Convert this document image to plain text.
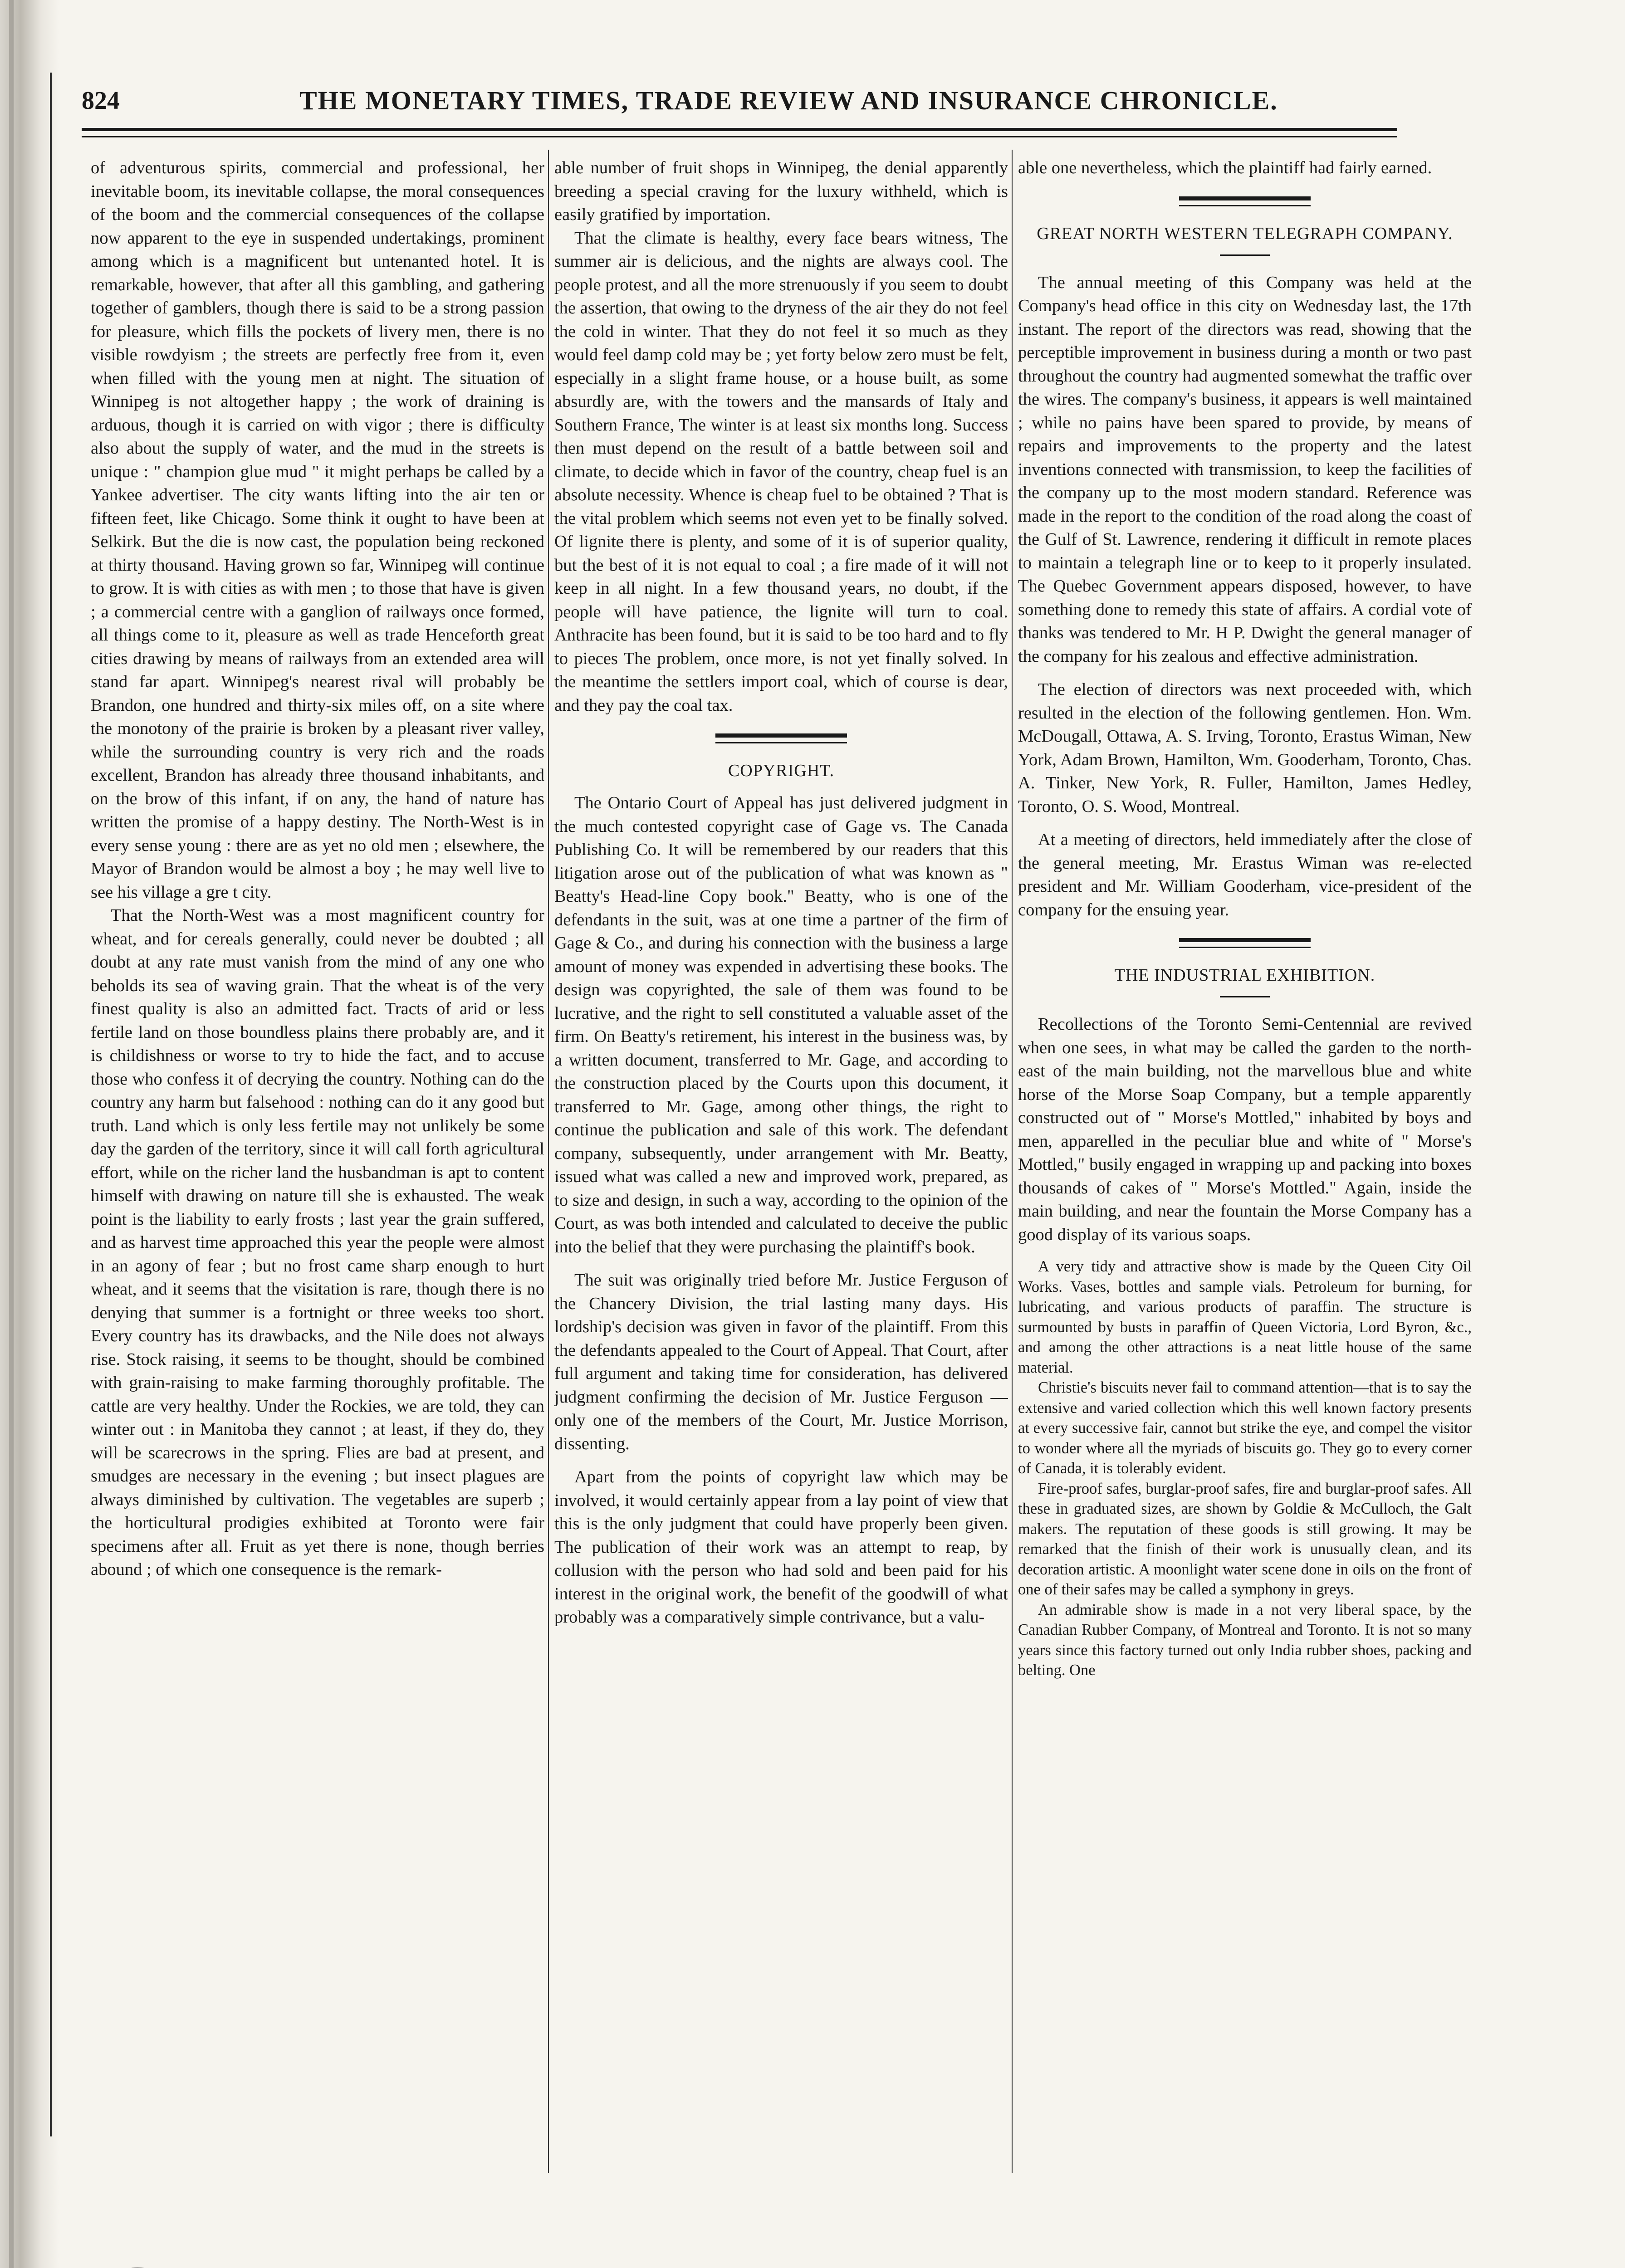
824	THE MONETARY TIMES, TRADE REVIEW AND INSURANCE CHRONICLE.

of adventurous spirits, commercial and professional, her inevitable boom, its inevitable collapse, the moral consequences of the boom and the commercial consequences of the collapse now apparent to the eye in suspended undertakings, prominent among which is a magnificent but untenanted hotel. It is remarkable, however, that after all this gambling, and gathering together of gamblers, though there is said to be a strong passion for pleasure, which fills the pockets of livery men, there is no visible rowdyism ; the streets are perfectly free from it, even when filled with the young men at night. The situation of Winnipeg is not altogether happy ; the work of draining is arduous, though it is carried on with vigor ; there is difficulty also about the supply of water, and the mud in the streets is unique : " champion glue mud " it might perhaps be called by a Yankee advertiser. The city wants lifting into the air ten or fifteen feet, like Chicago. Some think it ought to have been at Selkirk. But the die is now cast, the population being reckoned at thirty thousand. Having grown so far, Winnipeg will continue to grow. It is with cities as with men ; to those that have is given ; a commercial centre with a ganglion of railways once formed, all things come to it, pleasure as well as trade Henceforth great cities drawing by means of railways from an extended area will stand far apart. Winnipeg's nearest rival will probably be Brandon, one hundred and thirty-six miles off, on a site where the monotony of the prairie is broken by a pleasant river valley, while the surrounding country is very rich and the roads excellent, Brandon has already three thousand inhabitants, and on the brow of this infant, if on any, the hand of nature has written the promise of a happy destiny. The North-West is in every sense young : there are as yet no old men ; elsewhere, the Mayor of Brandon would be almost a boy ; he may well live to see his village a gre t city.

That the North-West was a most magnificent country for wheat, and for cereals generally, could never be doubted ; all doubt at any rate must vanish from the mind of any one who beholds its sea of waving grain. That the wheat is of the very finest quality is also an admitted fact. Tracts of arid or less fertile land on those boundless plains there probably are, and it is childishness or worse to try to hide the fact, and to accuse those who confess it of decrying the country. Nothing can do the country any harm but falsehood : nothing can do it any good but truth. Land which is only less fertile may not unlikely be some day the garden of the territory, since it will call forth agricultural effort, while on the richer land the husbandman is apt to content himself with drawing on nature till she is exhausted. The weak point is the liability to early frosts ; last year the grain suffered, and as harvest time approached this year the people were almost in an agony of fear ; but no frost came sharp enough to hurt wheat, and it seems that the visitation is rare, though there is no denying that summer is a fortnight or three weeks too short. Every country has its drawbacks, and the Nile does not always rise. Stock raising, it seems to be thought, should be combined with grain-raising to make farming thoroughly profitable. The cattle are very healthy. Under the Rockies, we are told, they can winter out : in Manitoba they cannot ; at least, if they do, they will be scarecrows in the spring. Flies are bad at present, and smudges are necessary in the evening ; but insect plagues are always diminished by cultivation. The vegetables are superb ; the horticultural prodigies exhibited at Toronto were fair specimens after all. Fruit as yet there is none, though berries abound ; of which one consequence is the remark-

able number of fruit shops in Winnipeg, the denial apparently breeding a special craving for the luxury withheld, which is easily gratified by importation.

That the climate is healthy, every face bears witness, The summer air is delicious, and the nights are always cool. The people protest, and all the more strenuously if you seem to doubt the assertion, that owing to the dryness of the air they do not feel the cold in winter. That they do not feel it so much as they would feel damp cold may be ; yet forty below zero must be felt, especially in a slight frame house, or a house built, as some absurdly are, with the towers and the mansards of Italy and Southern France, The winter is at least six months long. Success then must depend on the result of a battle between soil and climate, to decide which in favor of the country, cheap fuel is an absolute necessity. Whence is cheap fuel to be obtained ? That is the vital problem which seems not even yet to be finally solved. Of lignite there is plenty, and some of it is of superior quality, but the best of it is not equal to coal ; a fire made of it will not keep in all night. In a few thousand years, no doubt, if the people will have patience, the lignite will turn to coal. Anthracite has been found, but it is said to be too hard and to fly to pieces The problem, once more, is not yet finally solved. In the meantime the settlers import coal, which of course is dear, and they pay the coal tax.

COPYRIGHT.

The Ontario Court of Appeal has just delivered judgment in the much contested copyright case of Gage vs. The Canada Publishing Co. It will be remembered by our readers that this litigation arose out of the publication of what was known as " Beatty's Head-line Copy book." Beatty, who is one of the defendants in the suit, was at one time a partner of the firm of Gage & Co., and during his connection with the business a large amount of money was expended in advertising these books. The design was copyrighted, the sale of them was found to be lucrative, and the right to sell constituted a valuable asset of the firm. On Beatty's retirement, his interest in the business was, by a written document, transferred to Mr. Gage, and according to the construction placed by the Courts upon this document, it transferred to Mr. Gage, among other things, the right to continue the publication and sale of this work. The defendant company, subsequently, under arrangement with Mr. Beatty, issued what was called a new and improved work, prepared, as to size and design, in such a way, according to the opinion of the Court, as was both intended and calculated to deceive the public into the belief that they were purchasing the plaintiff's book.

The suit was originally tried before Mr. Justice Ferguson of the Chancery Division, the trial lasting many days. His lordship's decision was given in favor of the plaintiff. From this the defendants appealed to the Court of Appeal. That Court, after full argument and taking time for consideration, has delivered judgment confirming the decision of Mr. Justice Ferguson —only one of the members of the Court, Mr. Justice Morrison, dissenting.

Apart from the points of copyright law which may be involved, it would certainly appear from a lay point of view that this is the only judgment that could have properly been given. The publication of their work was an attempt to reap, by collusion with the person who had sold and been paid for his interest in the original work, the benefit of the goodwill of what probably was a comparatively simple contrivance, but a valu-

able one nevertheless, which the plaintiff had fairly earned.

GREAT NORTH WESTERN TELEGRAPH COMPANY.

The annual meeting of this Company was held at the Company's head office in this city on Wednesday last, the 17th instant. The report of the directors was read, showing that the perceptible improvement in business during a month or two past throughout the country had augmented somewhat the traffic over the wires. The company's business, it appears is well maintained ; while no pains have been spared to provide, by means of repairs and improvements to the property and the latest inventions connected with transmission, to keep the facilities of the company up to the most modern standard. Reference was made in the report to the condition of the road along the coast of the Gulf of St. Lawrence, rendering it difficult in remote places to maintain a telegraph line or to keep to it properly insulated. The Quebec Government appears disposed, however, to have something done to remedy this state of affairs. A cordial vote of thanks was tendered to Mr. H P. Dwight the general manager of the company for his zealous and effective administration.

The election of directors was next proceeded with, which resulted in the election of the following gentlemen. Hon. Wm. McDougall, Ottawa, A. S. Irving, Toronto, Erastus Wiman, New York, Adam Brown, Hamilton, Wm. Gooderham, Toronto, Chas. A. Tinker, New York, R. Fuller, Hamilton, James Hedley, Toronto, O. S. Wood, Montreal.

At a meeting of directors, held immediately after the close of the general meeting, Mr. Erastus Wiman was re-elected president and Mr. William Gooderham, vice-president of the company for the ensuing year.

THE INDUSTRIAL EXHIBITION.

Recollections of the Toronto Semi-Centennial are revived when one sees, in what may be called the garden to the north-east of the main building, not the marvellous blue and white horse of the Morse Soap Company, but a temple apparently constructed out of " Morse's Mottled," inhabited by boys and men, apparelled in the peculiar blue and white of " Morse's Mottled," busily engaged in wrapping up and packing into boxes thousands of cakes of " Morse's Mottled." Again, inside the main building, and near the fountain the Morse Company has a good display of its various soaps.

A very tidy and attractive show is made by the Queen City Oil Works. Vases, bottles and sample vials. Petroleum for burning, for lubricating, and various products of paraffin. The structure is surmounted by busts in paraffin of Queen Victoria, Lord Byron, &c., and among the other attractions is a neat little house of the same material.

Christie's biscuits never fail to command attention—that is to say the extensive and varied collection which this well known factory presents at every successive fair, cannot but strike the eye, and compel the visitor to wonder where all the myriads of biscuits go. They go to every corner of Canada, it is tolerably evident.

Fire-proof safes, burglar-proof safes, fire and burglar-proof safes. All these in graduated sizes, are shown by Goldie & McCulloch, the Galt makers. The reputation of these goods is still growing. It may be remarked that the finish of their work is unusually clean, and its decoration artistic. A moonlight water scene done in oils on the front of one of their safes may be called a symphony in greys.

An admirable show is made in a not very liberal space, by the Canadian Rubber Company, of Montreal and Toronto. It is not so many years since this factory turned out only India rubber shoes, packing and belting. One
